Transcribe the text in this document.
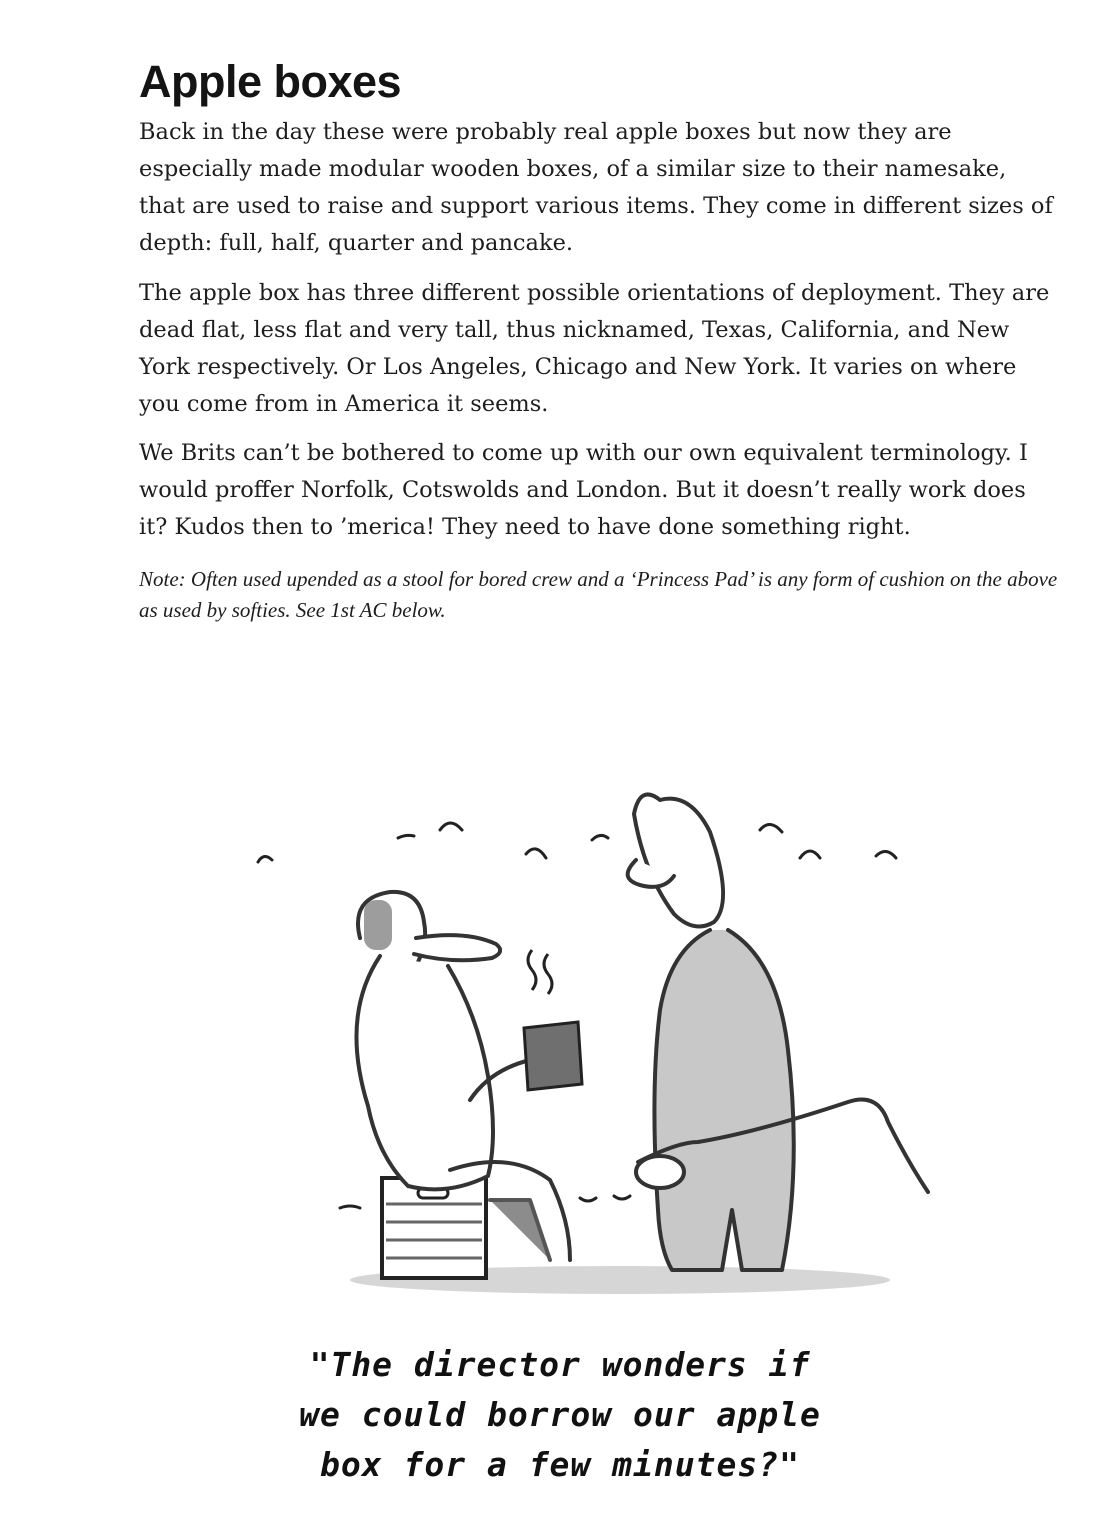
Apple boxes

Back in the day these were probably real apple boxes but now they are especially made modular wooden boxes, of a similar size to their namesake, that are used to raise and support various items. They come in different sizes of depth: full, half, quarter and pancake.

The apple box has three different possible orientations of deployment. They are dead flat, less flat and very tall, thus nicknamed, Texas, California, and New York respectively. Or Los Angeles, Chicago and New York. It varies on where you come from in America it seems.

We Brits can’t be bothered to come up with our own equivalent terminology. I would proffer Norfolk, Cotswolds and London. But it doesn’t really work does it? Kudos then to ’merica! They need to have done something right.

Note: Often used upended as a stool for bored crew and a ‘Princess Pad’ is any form of cushion on the above as used by softies. See 1st AC below.

"The director wonders if
we could borrow our apple
box for a few minutes?"
